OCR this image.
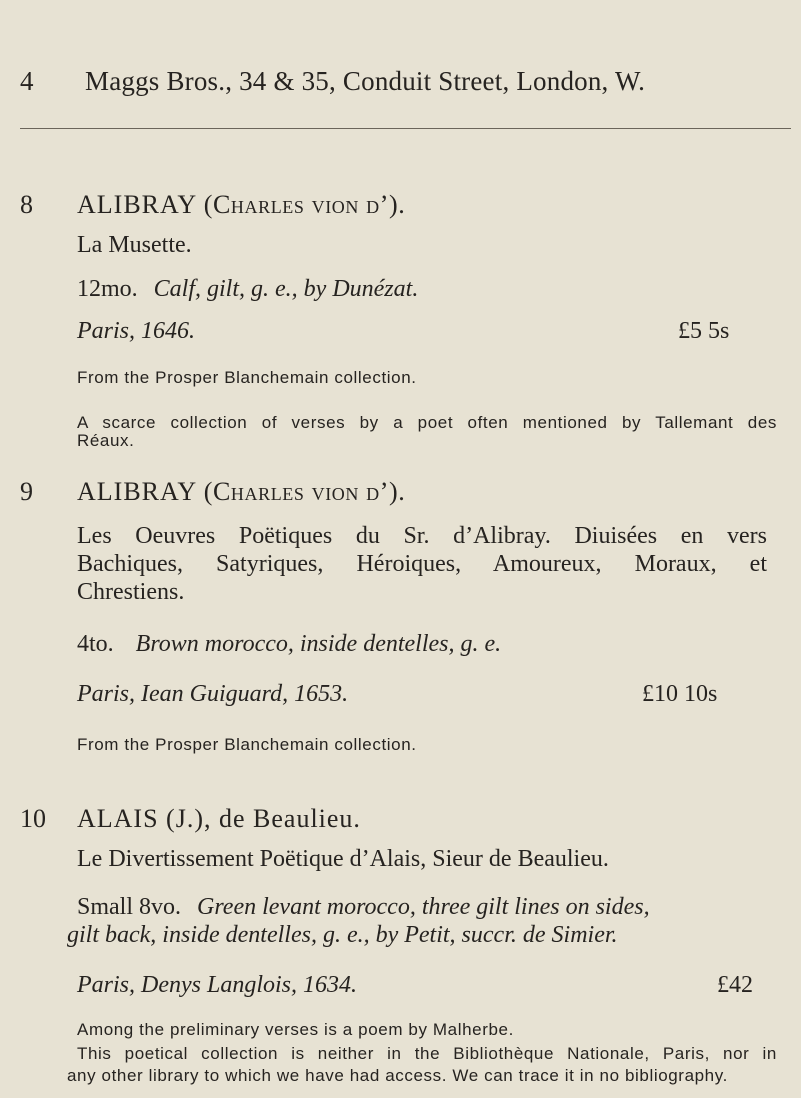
4 Maggs Bros., 34 & 35, Conduit Street, London, W.
8 ALIBRAY (Charles vion d’).
La Musette.
12mo. Calf, gilt, g. e., by Dunézat.
Paris, 1646.
From the Prosper Blanchemain collection.
A scarce collection of verses by a poet often mentioned by Tallemant des
Réaux.
£5 5s
9 ALIBRAY (Charles vion d’).
Les Oeuvres Poëtiques du Sr. d’Alibray. Diuisées en vers
Bachiques, Satyriques, Héroiques, Amoureux, Moraux, et
Chrestiens.
4to. Brown morocco, inside dentelles, g. e.
Paris, Iean Guiguard, 1653.
From the Prosper Blanchemain collection.
£10 10s
10 ALAIS (J.), de Beaulieu.
Le Divertissement Poëtique d’Alais, Sieur de Beaulieu.
Small 8vo. Green levant morocco, three gilt lines on sides,
gilt back, inside dentelles, g. e., by Petit, succr. de Simier.
Paris, Denys Langlois, 1634.
Among the preliminary verses is a poem by Malherbe.
This poetical collection is neither in the Bibliothèque Nationale, Paris, nor in
any other library to which we have had access. We can trace it in no bibliography.
£42
